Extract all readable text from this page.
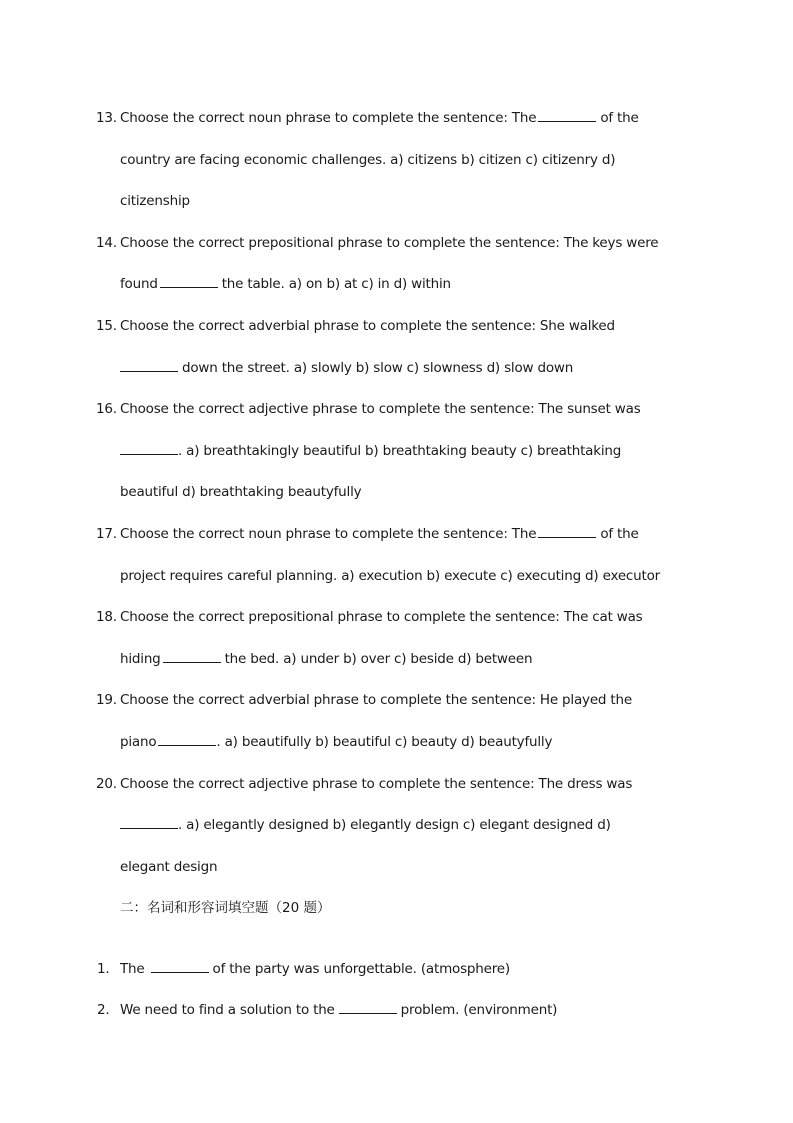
13. Choose the correct noun phrase to complete the sentence: The	of the
country are facing economic challenges. a) citizens b) citizen c) citizenry d)
citizenship
14. Choose the correct prepositional phrase to complete the sentence: The keys were
found	the table. a) on b) at c) in d) within
15. Choose the correct adverbial phrase to complete the sentence: She walked
down the street. a) slowly b) slow c) slowness d) slow down
16. Choose the correct adjective phrase to complete the sentence: The sunset was
. a) breathtakingly beautiful b) breathtaking beauty c) breathtaking
beautiful d) breathtaking beautyfully
17. Choose the correct noun phrase to complete the sentence: The	of the
project requires careful planning. a) execution b) execute c) executing d) executor
18. Choose the correct prepositional phrase to complete the sentence: The cat was
hiding	the bed. a) under b) over c) beside d) between
19. Choose the correct adverbial phrase to complete the sentence: He played the
piano	. a) beautifully b) beautiful c) beauty d) beautyfully
20. Choose the correct adjective phrase to complete the sentence: The dress was
. a) elegantly designed b) elegantly design c) elegant designed d)
elegant design
二：名词和形容词填空题（20 题）
1. The	of the party was unforgettable. (atmosphere)
2. We need to find a solution to the	problem. (environment)
